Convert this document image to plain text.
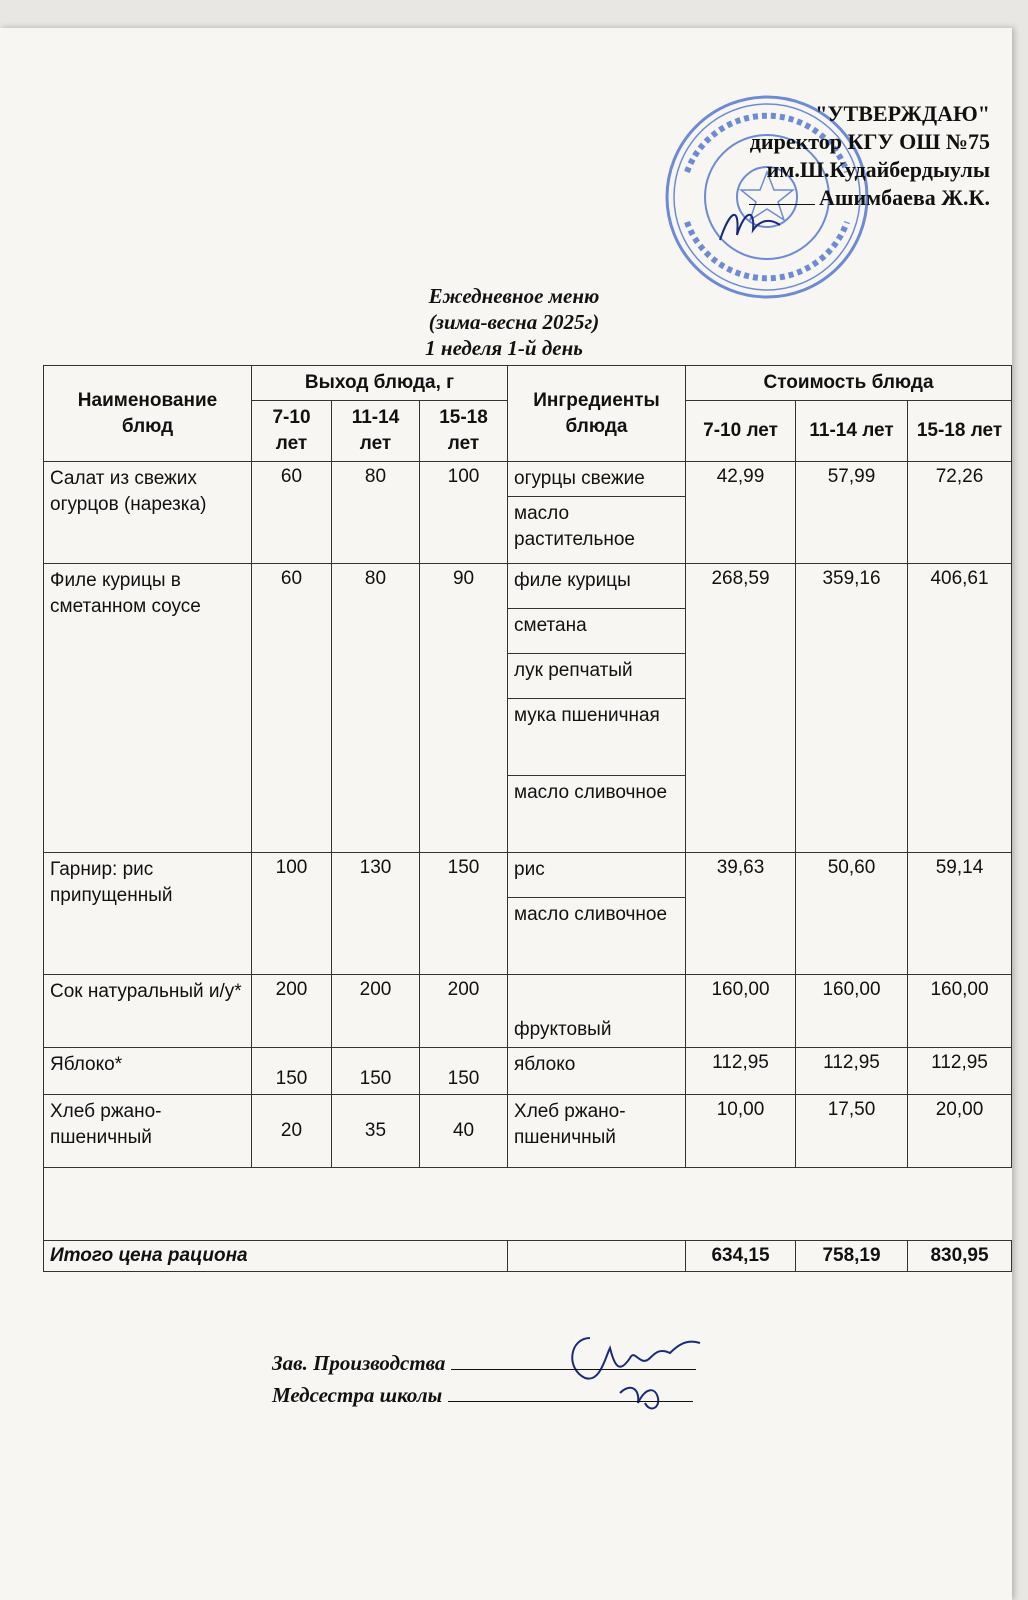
"УТВЕРЖДАЮ"
директор КГУ ОШ №75
им.Ш.Кудайбердыулы
Ашимбаева Ж.К.
Ежедневное меню
(зима-весна 2025г)
1 неделя 1-й день
Наименование блюд	Выход блюда, г			Ингредиенты блюда	Стоимость блюда		
	7-10 лет	11-14 лет	15-18 лет		7-10 лет	11-14 лет	15-18 лет
Салат из свежих огурцов (нарезка)	60	80	100	огурцы свежие	42,99	57,99	72,26
				масло растительное			
Филе курицы в сметанном соусе	60	80	90	филе курицы	268,59	359,16	406,61
				сметана			
				лук репчатый			
				мука пшеничная			
				масло сливочное			
Гарнир: рис припущенный	100	130	150	рис	39,63	50,60	59,14
				масло сливочное			
Сок натуральный и/у*	200	200	200	фруктовый	160,00	160,00	160,00
Яблоко*	150	150	150	яблоко	112,95	112,95	112,95
Хлеб ржано-пшеничный	20	35	40	Хлеб ржано-пшеничный	10,00	17,50	20,00

Итого цена рациона					634,15	758,19	830,95
Зав. Производства
Медсестра школы
